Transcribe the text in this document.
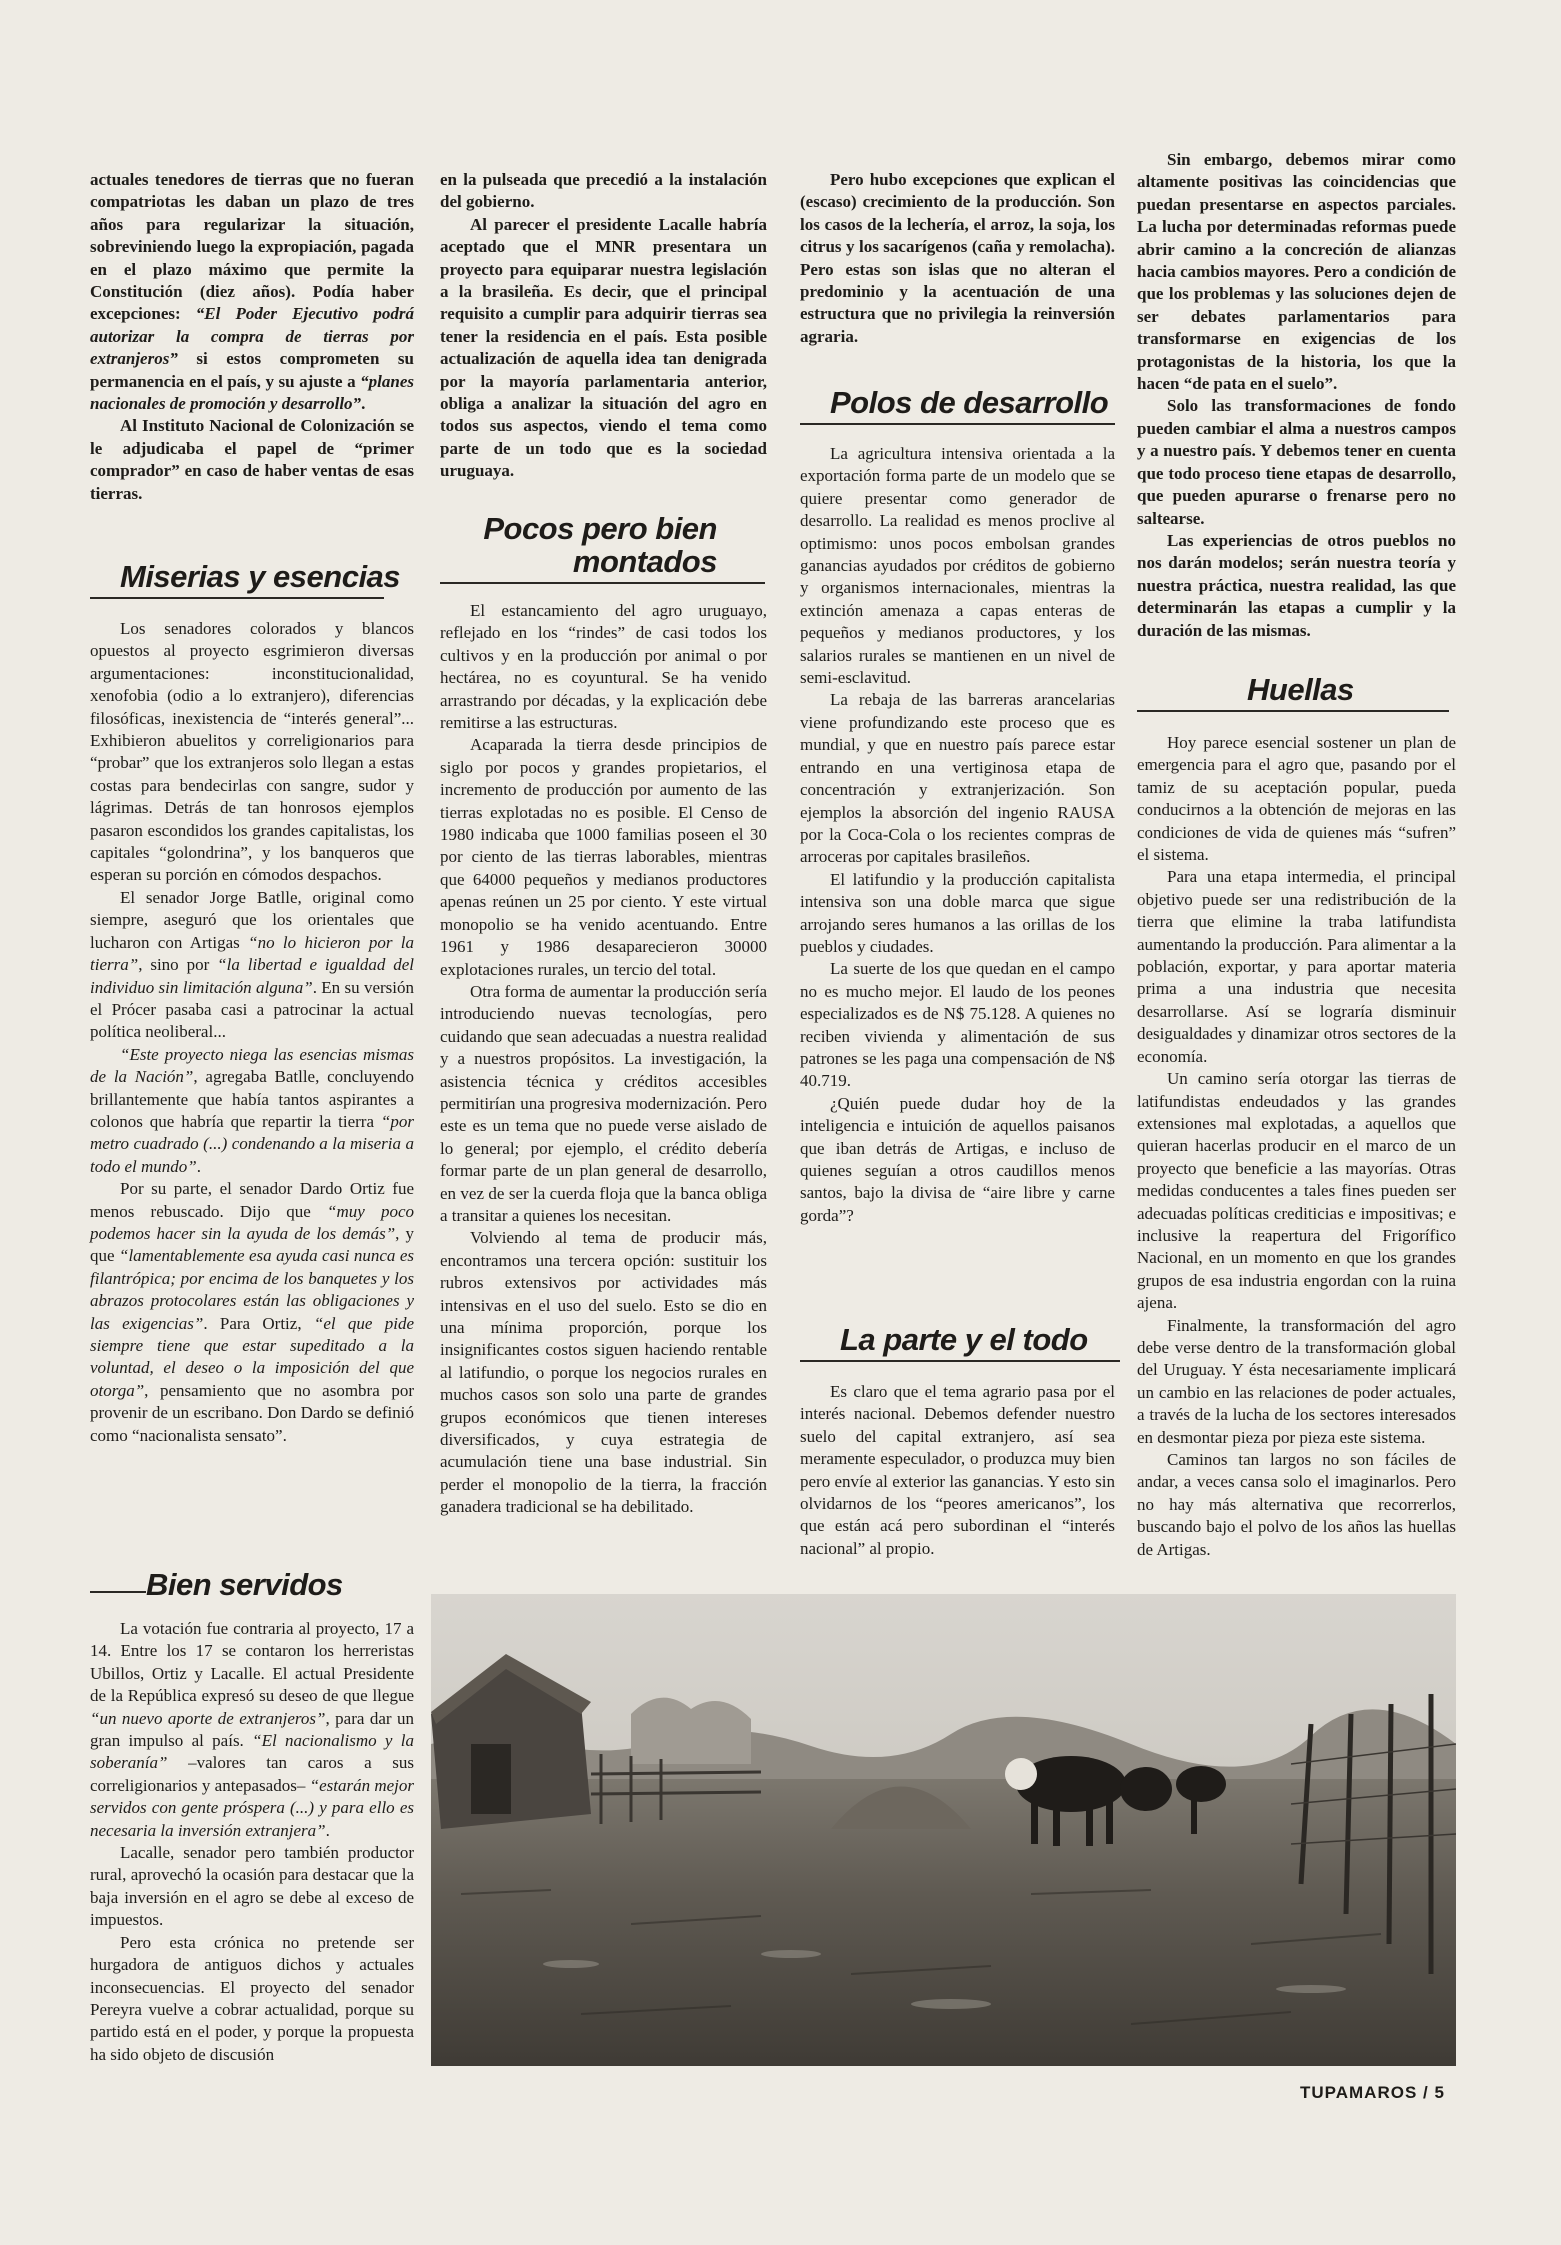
actuales tenedores de tierras que no fueran compatriotas les daban un plazo de tres años para regularizar la situación, sobreviniendo luego la expropiación, pagada en el plazo máximo que permite la Constitución (diez años). Podía haber excepciones: “El Poder Ejecutivo podrá autorizar la compra de tierras por extranjeros” si estos comprometen su permanencia en el país, y su ajuste a “planes nacionales de promoción y desarrollo”.

Al Instituto Nacional de Colonización se le adjudicaba el papel de “primer comprador” en caso de haber ventas de esas tierras.

Miserias y esencias

Los senadores colorados y blancos opuestos al proyecto esgrimieron diversas argumentaciones: inconstitucionalidad, xenofobia (odio a lo extranjero), diferencias filosóficas, inexistencia de “interés general”... Exhibieron abuelitos y correligionarios para “probar” que los extranjeros solo llegan a estas costas para bendecirlas con sangre, sudor y lágrimas. Detrás de tan honrosos ejemplos pasaron escondidos los grandes capitalistas, los capitales “golondrina”, y los banqueros que esperan su porción en cómodos despachos.

El senador Jorge Batlle, original como siempre, aseguró que los orientales que lucharon con Artigas “no lo hicieron por la tierra”, sino por “la libertad e igualdad del individuo sin limitación alguna”. En su versión el Prócer pasaba casi a patrocinar la actual política neoliberal...

“Este proyecto niega las esencias mismas de la Nación”, agregaba Batlle, concluyendo brillantemente que había tantos aspirantes a colonos que habría que repartir la tierra “por metro cuadrado (...) condenando a la miseria a todo el mundo”.

Por su parte, el senador Dardo Ortiz fue menos rebuscado. Dijo que “muy poco podemos hacer sin la ayuda de los demás”, y que “lamentablemente esa ayuda casi nunca es filantrópica; por encima de los banquetes y los abrazos protocolares están las obligaciones y las exigencias”. Para Ortiz, “el que pide siempre tiene que estar supeditado a la voluntad, el deseo o la imposición del que otorga”, pensamiento que no asombra por provenir de un escribano. Don Dardo se definió como “nacionalista sensato”.

Bien servidos

La votación fue contraria al proyecto, 17 a 14. Entre los 17 se contaron los herreristas Ubillos, Ortiz y Lacalle. El actual Presidente de la República expresó su deseo de que llegue “un nuevo aporte de extranjeros”, para dar un gran impulso al país. “El nacionalismo y la soberanía” –valores tan caros a sus correligionarios y antepasados– “estarán mejor servidos con gente próspera (...) y para ello es necesaria la inversión extranjera”.

Lacalle, senador pero también productor rural, aprovechó la ocasión para destacar que la baja inversión en el agro se debe al exceso de impuestos.

Pero esta crónica no pretende ser hurgadora de antiguos dichos y actuales inconsecuencias. El proyecto del senador Pereyra vuelve a cobrar actualidad, porque su partido está en el poder, y porque la propuesta ha sido objeto de discusión

en la pulseada que precedió a la instalación del gobierno.

Al parecer el presidente Lacalle habría aceptado que el MNR presentara un proyecto para equiparar nuestra legislación a la brasileña. Es decir, que el principal requisito a cumplir para adquirir tierras sea tener la residencia en el país. Esta posible actualización de aquella idea tan denigrada por la mayoría parlamentaria anterior, obliga a analizar la situación del agro en todos sus aspectos, viendo el tema como parte de un todo que es la sociedad uruguaya.

Pocos pero bien
montados

El estancamiento del agro uruguayo, reflejado en los “rindes” de casi todos los cultivos y en la producción por animal o por hectárea, no es coyuntural. Se ha venido arrastrando por décadas, y la explicación debe remitirse a las estructuras.

Acaparada la tierra desde principios de siglo por pocos y grandes propietarios, el incremento de producción por aumento de las tierras explotadas no es posible. El Censo de 1980 indicaba que 1000 familias poseen el 30 por ciento de las tierras laborables, mientras que 64000 pequeños y medianos productores apenas reúnen un 25 por ciento. Y este virtual monopolio se ha venido acentuando. Entre 1961 y 1986 desaparecieron 30000 explotaciones rurales, un tercio del total.

Otra forma de aumentar la producción sería introduciendo nuevas tecnologías, pero cuidando que sean adecuadas a nuestra realidad y a nuestros propósitos. La investigación, la asistencia técnica y créditos accesibles permitirían una progresiva modernización. Pero este es un tema que no puede verse aislado de lo general; por ejemplo, el crédito debería formar parte de un plan general de desarrollo, en vez de ser la cuerda floja que la banca obliga a transitar a quienes los necesitan.

Volviendo al tema de producir más, encontramos una tercera opción: sustituir los rubros extensivos por actividades más intensivas en el uso del suelo. Esto se dio en una mínima proporción, porque los insignificantes costos siguen haciendo rentable al latifundio, o porque los negocios rurales en muchos casos son solo una parte de grandes grupos económicos que tienen intereses diversificados, y cuya estrategia de acumulación tiene una base industrial. Sin perder el monopolio de la tierra, la fracción ganadera tradicional se ha debilitado.

Pero hubo excepciones que explican el (escaso) crecimiento de la producción. Son los casos de la lechería, el arroz, la soja, los citrus y los sacarígenos (caña y remolacha). Pero estas son islas que no alteran el predominio y la acentuación de una estructura que no privilegia la reinversión agraria.

Polos de desarrollo

La agricultura intensiva orientada a la exportación forma parte de un modelo que se quiere presentar como generador de desarrollo. La realidad es menos proclive al optimismo: unos pocos embolsan grandes ganancias ayudados por créditos de gobierno y organismos internacionales, mientras la extinción amenaza a capas enteras de pequeños y medianos productores, y los salarios rurales se mantienen en un nivel de semi-esclavitud.

La rebaja de las barreras arancelarias viene profundizando este proceso que es mundial, y que en nuestro país parece estar entrando en una vertiginosa etapa de concentración y extranjerización. Son ejemplos la absorción del ingenio RAUSA por la Coca-Cola o los recientes compras de arroceras por capitales brasileños.

El latifundio y la producción capitalista intensiva son una doble marca que sigue arrojando seres humanos a las orillas de los pueblos y ciudades.

La suerte de los que quedan en el campo no es mucho mejor. El laudo de los peones especializados es de N$ 75.128. A quienes no reciben vivienda y alimentación de sus patrones se les paga una compensación de N$ 40.719.

¿Quién puede dudar hoy de la inteligencia e intuición de aquellos paisanos que iban detrás de Artigas, e incluso de quienes seguían a otros caudillos menos santos, bajo la divisa de “aire libre y carne gorda”?

La parte y el todo

Es claro que el tema agrario pasa por el interés nacional. Debemos defender nuestro suelo del capital extranjero, así sea meramente especulador, o produzca muy bien pero envíe al exterior las ganancias. Y esto sin olvidarnos de los “peores americanos”, los que están acá pero subordinan el “interés nacional” al propio.

Sin embargo, debemos mirar como altamente positivas las coincidencias que puedan presentarse en aspectos parciales. La lucha por determinadas reformas puede abrir camino a la concreción de alianzas hacia cambios mayores. Pero a condición de que los problemas y las soluciones dejen de ser debates parlamentarios para transformarse en exigencias de los protagonistas de la historia, los que la hacen “de pata en el suelo”.

Solo las transformaciones de fondo pueden cambiar el alma a nuestros campos y a nuestro país. Y debemos tener en cuenta que todo proceso tiene etapas de desarrollo, que pueden apurarse o frenarse pero no saltearse.

Las experiencias de otros pueblos no nos darán modelos; serán nuestra teoría y nuestra práctica, nuestra realidad, las que determinarán las etapas a cumplir y la duración de las mismas.

Huellas

Hoy parece esencial sostener un plan de emergencia para el agro que, pasando por el tamiz de su aceptación popular, pueda conducirnos a la obtención de mejoras en las condiciones de vida de quienes más “sufren” el sistema.

Para una etapa intermedia, el principal objetivo puede ser una redistribución de la tierra que elimine la traba latifundista aumentando la producción. Para alimentar a la población, exportar, y para aportar materia prima a una industria que necesita desarrollarse. Así se lograría disminuir desigualdades y dinamizar otros sectores de la economía.

Un camino sería otorgar las tierras de latifundistas endeudados y las grandes extensiones mal explotadas, a aquellos que quieran hacerlas producir en el marco de un proyecto que beneficie a las mayorías. Otras medidas conducentes a tales fines pueden ser adecuadas políticas crediticias e impositivas; e inclusive la reapertura del Frigorífico Nacional, en un momento en que los grandes grupos de esa industria engordan con la ruina ajena.

Finalmente, la transformación del agro debe verse dentro de la transformación global del Uruguay. Y ésta necesariamente implicará un cambio en las relaciones de poder actuales, a través de la lucha de los sectores interesados en desmontar pieza por pieza este sistema.

Caminos tan largos no son fáciles de andar, a veces cansa solo el imaginarlos. Pero no hay más alternativa que recorrerlos, buscando bajo el polvo de los años las huellas de Artigas.

TUPAMAROS / 5
